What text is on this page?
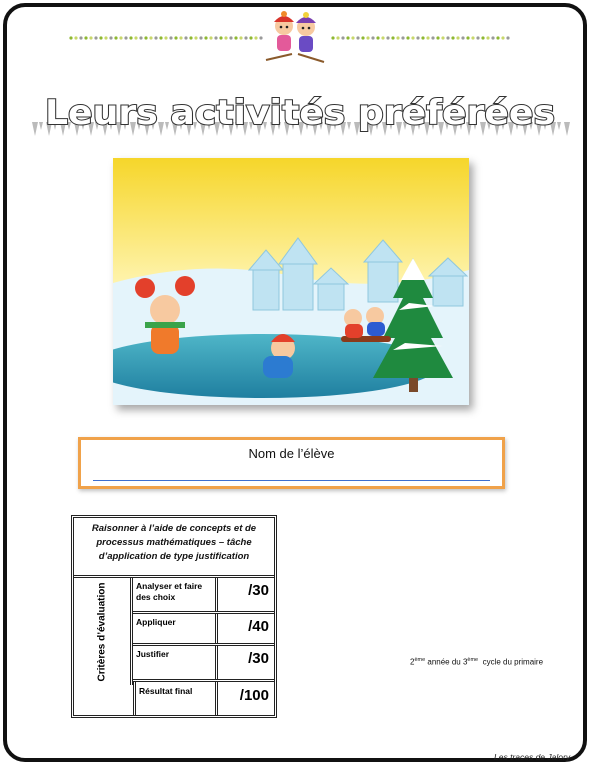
Leurs activités préférées
Nom de l’élève
Raisonner à l’aide de concepts et de processus mathématiques – tâche d’application de type justification
Critères d’évaluation	Analyser et faire des choix	/30
Appliquer	/40
Justifier	/30
Résultat final	/100
2ème année du 3ème  cycle du primaire
Les traces de Jalory
